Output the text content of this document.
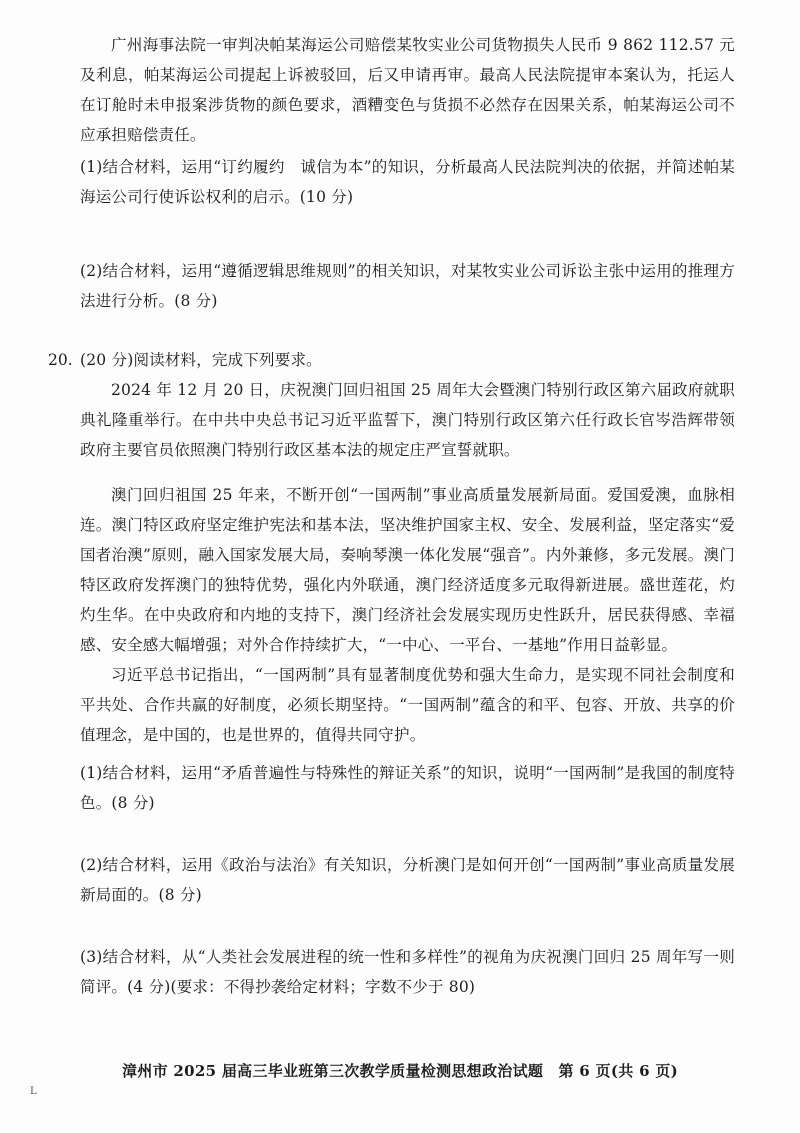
广州海事法院一审判决帕某海运公司赔偿某牧实业公司货物损失人民币 9 862 112.57 元及利息，帕某海运公司提起上诉被驳回，后又申请再审。最高人民法院提审本案认为，托运人在订舱时未申报案涉货物的颜色要求，酒糟变色与货损不必然存在因果关系，帕某海运公司不应承担赔偿责任。
(1)结合材料，运用“订约履约　诚信为本”的知识，分析最高人民法院判决的依据，并简述帕某海运公司行使诉讼权利的启示。(10 分)
(2)结合材料，运用“遵循逻辑思维规则”的相关知识，对某牧实业公司诉讼主张中运用的推理方法进行分析。(8 分)
20. (20 分)阅读材料，完成下列要求。
2024 年 12 月 20 日，庆祝澳门回归祖国 25 周年大会暨澳门特别行政区第六届政府就职典礼隆重举行。在中共中央总书记习近平监誓下，澳门特别行政区第六任行政长官岑浩辉带领政府主要官员依照澳门特别行政区基本法的规定庄严宣誓就职。
澳门回归祖国 25 年来，不断开创“一国两制”事业高质量发展新局面。爱国爱澳，血脉相连。澳门特区政府坚定维护宪法和基本法，坚决维护国家主权、安全、发展利益，坚定落实“爱国者治澳”原则，融入国家发展大局，奏响琴澳一体化发展“强音”。内外兼修，多元发展。澳门特区政府发挥澳门的独特优势，强化内外联通，澳门经济适度多元取得新进展。盛世莲花，灼灼生华。在中央政府和内地的支持下，澳门经济社会发展实现历史性跃升，居民获得感、幸福感、安全感大幅增强；对外合作持续扩大，“一中心、一平台、一基地”作用日益彰显。
习近平总书记指出，“一国两制”具有显著制度优势和强大生命力，是实现不同社会制度和平共处、合作共赢的好制度，必须长期坚持。“一国两制”蕴含的和平、包容、开放、共享的价值理念，是中国的，也是世界的，值得共同守护。
(1)结合材料，运用“矛盾普遍性与特殊性的辩证关系”的知识，说明“一国两制”是我国的制度特色。(8 分)
(2)结合材料，运用《政治与法治》有关知识，分析澳门是如何开创“一国两制”事业高质量发展新局面的。(8 分)
(3)结合材料，从“人类社会发展进程的统一性和多样性”的视角为庆祝澳门回归 25 周年写一则简评。(4 分)(要求：不得抄袭给定材料；字数不少于 80)
漳州市 2025 届高三毕业班第三次教学质量检测思想政治试题　第 6 页(共 6 页)
L
